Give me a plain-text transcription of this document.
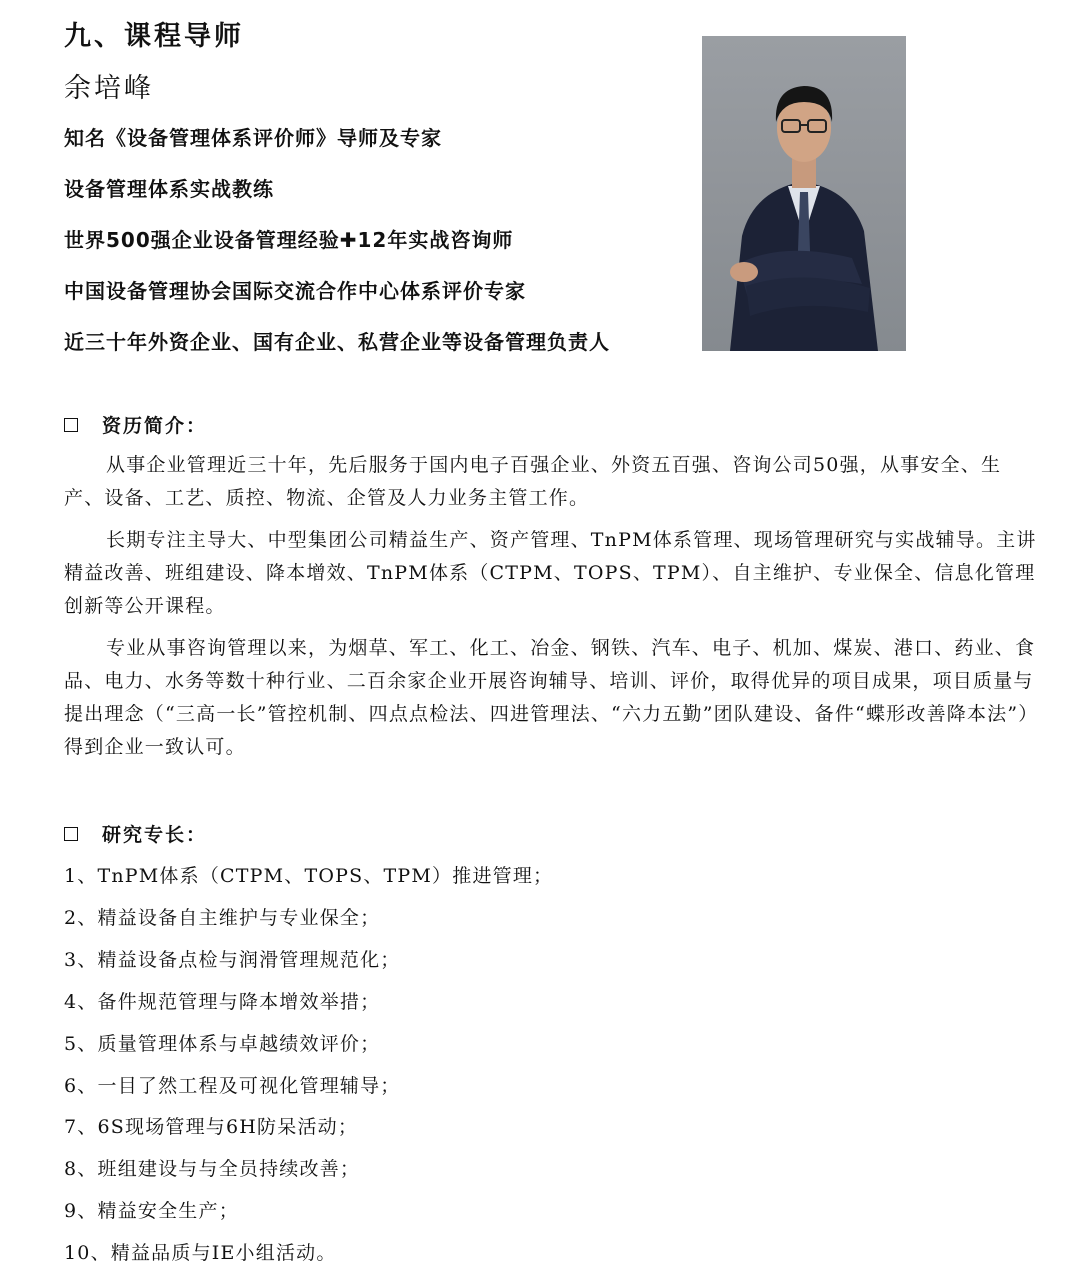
九、课程导师
余培峰
知名《设备管理体系评价师》导师及专家
设备管理体系实战教练
世界500强企业设备管理经验✚12年实战咨询师
中国设备管理协会国际交流合作中心体系评价专家
近三十年外资企业、国有企业、私营企业等设备管理负责人
资历简介：
从事企业管理近三十年，先后服务于国内电子百强企业、外资五百强、咨询公司50强，从事安全、生产、设备、工艺、质控、物流、企管及人力业务主管工作。
长期专注主导大、中型集团公司精益生产、资产管理、TnPM体系管理、现场管理研究与实战辅导。主讲精益改善、班组建设、降本增效、TnPM体系（CTPM、TOPS、TPM）、自主维护、专业保全、信息化管理创新等公开课程。
专业从事咨询管理以来，为烟草、军工、化工、冶金、钢铁、汽车、电子、机加、煤炭、港口、药业、食品、电力、水务等数十种行业、二百余家企业开展咨询辅导、培训、评价，取得优异的项目成果，项目质量与提出理念（“三高一长”管控机制、四点点检法、四进管理法、“六力五勤”团队建设、备件“蝶形改善降本法”）得到企业一致认可。
研究专长：
1、TnPM体系（CTPM、TOPS、TPM）推进管理；
2、精益设备自主维护与专业保全；
3、精益设备点检与润滑管理规范化；
4、备件规范管理与降本增效举措；
5、质量管理体系与卓越绩效评价；
6、一目了然工程及可视化管理辅导；
7、6S现场管理与6H防呆活动；
8、班组建设与与全员持续改善；
9、精益安全生产；
10、精益品质与IE小组活动。
